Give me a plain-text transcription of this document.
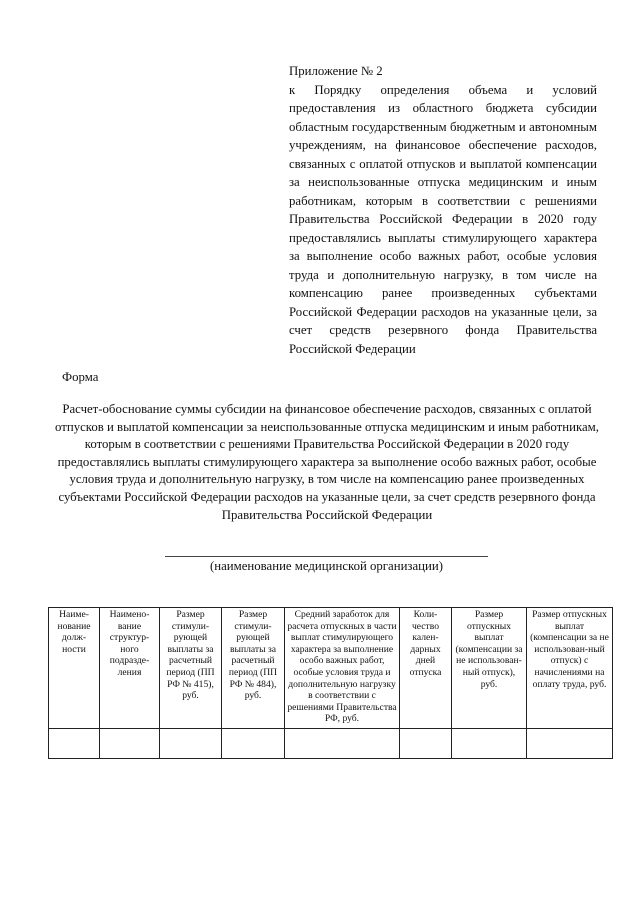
Приложение № 2
к Порядку определения объема и условий предоставления из областного бюджета субсидии областным государственным бюджетным и автономным учреждениям, на финансовое обеспечение расходов, связанных с оплатой отпусков и выплатой компенсации за неиспользованные отпуска медицинским и иным работникам, которым в соответствии с решениями Правительства Российской Федерации в 2020 году предоставлялись выплаты стимулирующего характера за выполнение особо важных работ, особые условия труда и дополнительную нагрузку, в том числе на компенсацию ранее произведенных субъектами Российской Федерации расходов на указанные цели, за счет средств резервного фонда Правительства Российской Федерации
Форма
Расчет-обоснование суммы субсидии на финансовое обеспечение расходов, связанных с оплатой отпусков и выплатой компенсации за неиспользованные отпуска медицинским и иным работникам, которым в соответствии с решениями Правительства Российской Федерации в 2020 году предоставлялись выплаты стимулирующего характера за выполнение особо важных работ, особые условия труда и дополнительную нагрузку, в том числе на компенсацию ранее произведенных субъектами Российской Федерации расходов на указанные цели, за счет средств резервного фонда Правительства Российской Федерации
(наименование медицинской организации)
Наиме-нование долж-ности	Наимено-вание структур-ного подразде-ления	Размер стимули-рующей выплаты за расчетный период (ПП РФ № 415), руб.	Размер стимули-рующей выплаты за расчетный период (ПП РФ № 484), руб.	Средний заработок для расчета отпускных в части выплат стимулирующего характера за выполнение особо важных работ, особые условия труда и дополнительную нагрузку в соответствии с решениями Правительства РФ, руб.	Коли-чество кален-дарных дней отпуска	Размер отпускных выплат (компенсации за не использован-ный отпуск), руб.	Размер отпускных выплат (компенсации за не использован-ный отпуск) с начислениями на оплату труда, руб.
